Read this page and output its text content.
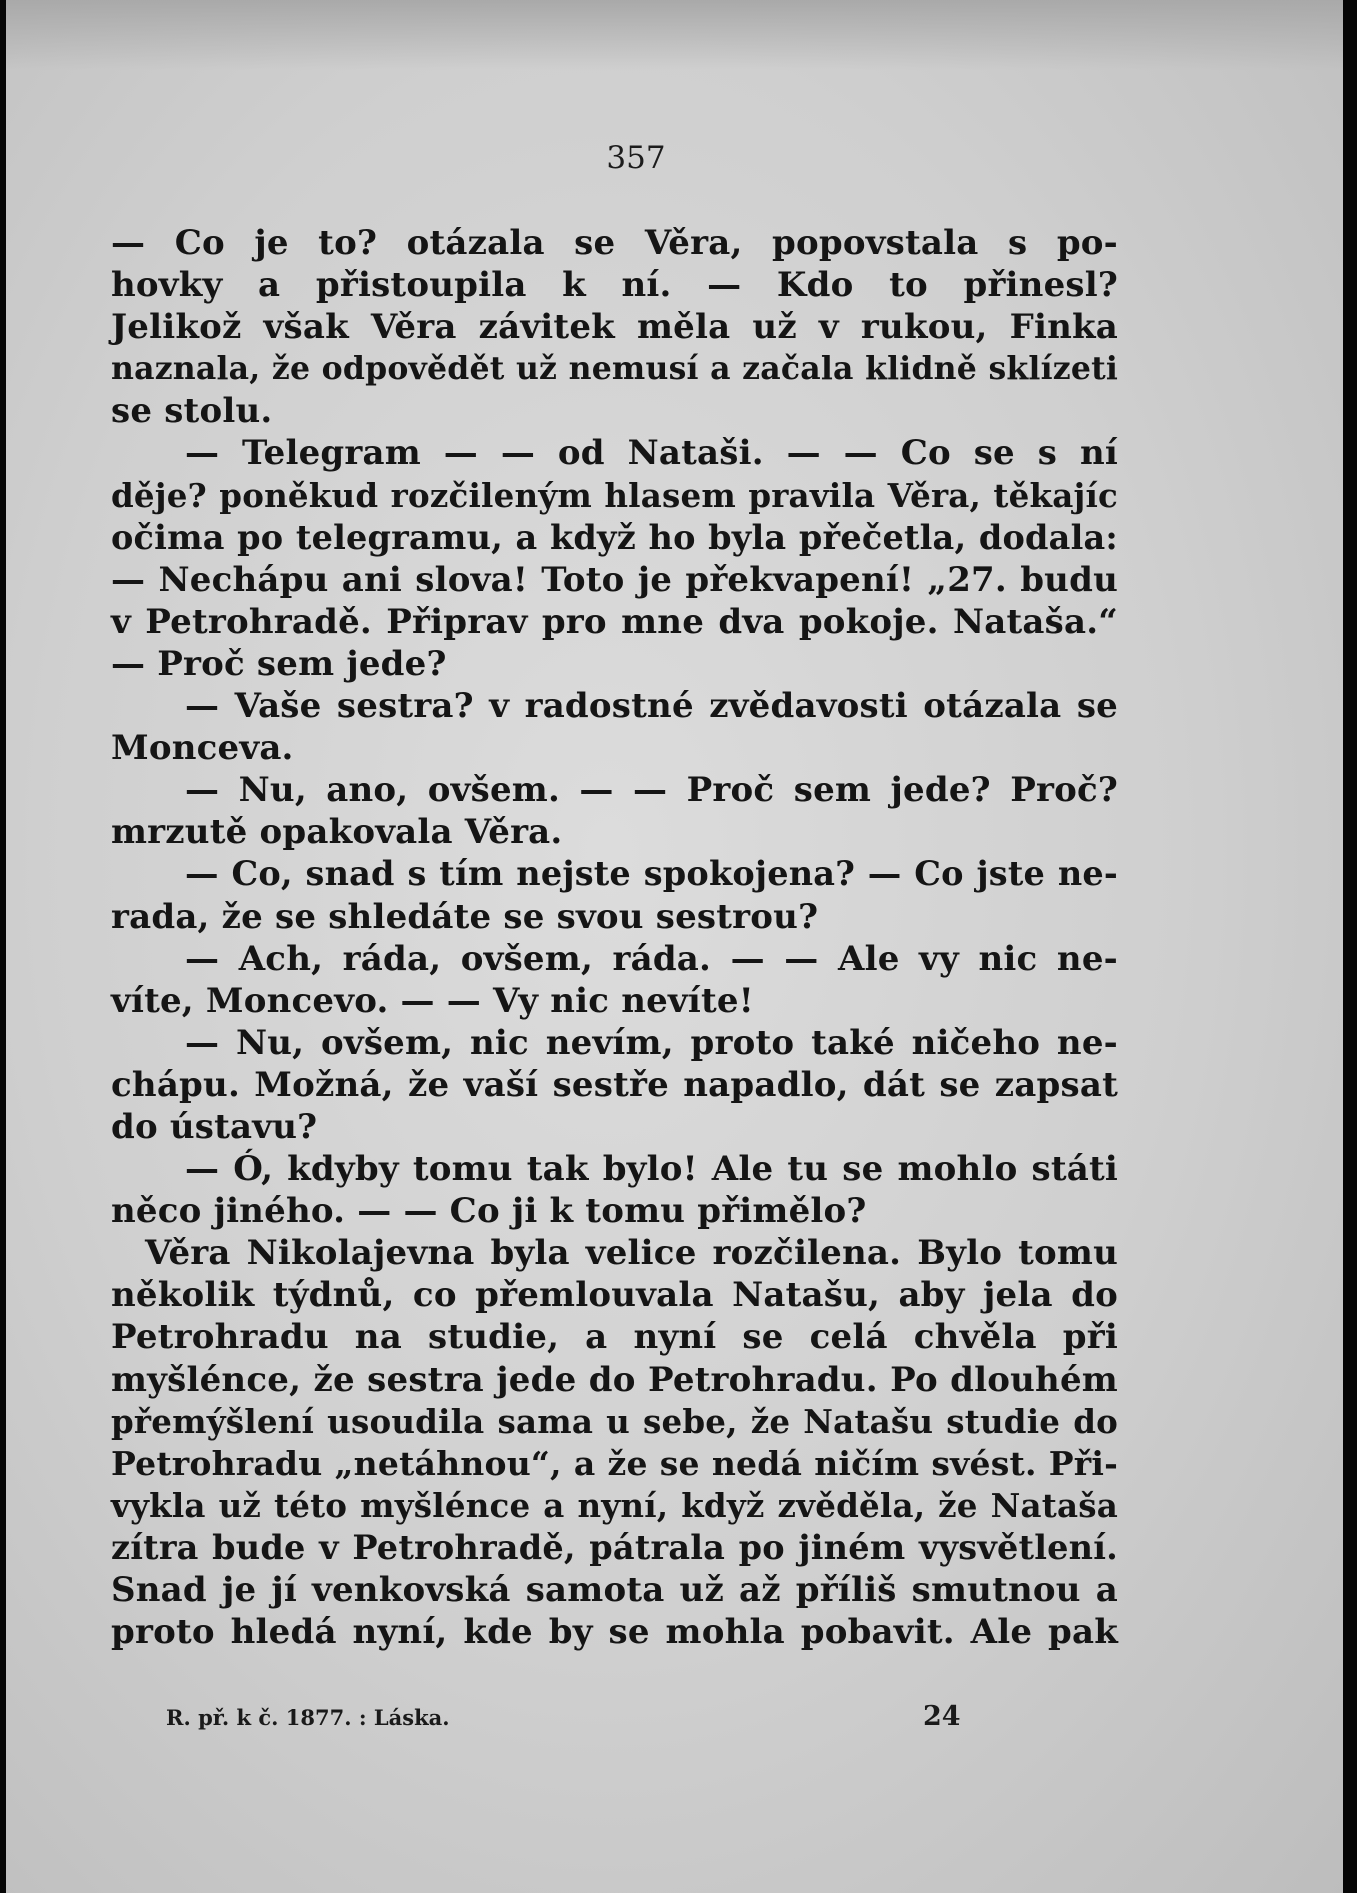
357
— Co je to? otázala se Věra, popovstala s po-
hovky a přistoupila k ní. — Kdo to přinesl?
Jelikož však Věra závitek měla už v rukou, Finka
naznala, že odpovědět už nemusí a začala klidně sklízeti
se stolu.
— Telegram — — od Nataši. — — Co se s ní
děje? poněkud rozčileným hlasem pravila Věra, těkajíc
očima po telegramu, a když ho byla přečetla, dodala:
— Nechápu ani slova! Toto je překvapení! „27. budu
v Petrohradě. Připrav pro mne dva pokoje. Nataša.“
— Proč sem jede?
— Vaše sestra? v radostné zvědavosti otázala se
Monceva.
— Nu, ano, ovšem. — — Proč sem jede? Proč?
mrzutě opakovala Věra.
— Co, snad s tím nejste spokojena? — Co jste ne-
rada, že se shledáte se svou sestrou?
— Ach, ráda, ovšem, ráda. — — Ale vy nic ne-
víte, Moncevo. — — Vy nic nevíte!
— Nu, ovšem, nic nevím, proto také ničeho ne-
chápu. Možná, že vaší sestře napadlo, dát se zapsat
do ústavu?
— Ó, kdyby tomu tak bylo! Ale tu se mohlo státi
něco jiného. — — Co ji k tomu přimělo?
Věra Nikolajevna byla velice rozčilena. Bylo tomu
několik týdnů, co přemlouvala Natašu, aby jela do
Petrohradu na studie, a nyní se celá chvěla při
myšlénce, že sestra jede do Petrohradu. Po dlouhém
přemýšlení usoudila sama u sebe, že Natašu studie do
Petrohradu „netáhnou“, a že se nedá ničím svést. Při-
vykla už této myšlénce a nyní, když zvěděla, že Nataša
zítra bude v Petrohradě, pátrala po jiném vysvětlení.
Snad je jí venkovská samota už až příliš smutnou a
proto hledá nyní, kde by se mohla pobavit. Ale pak
R. př. k č. 1877. : Láska.	24
